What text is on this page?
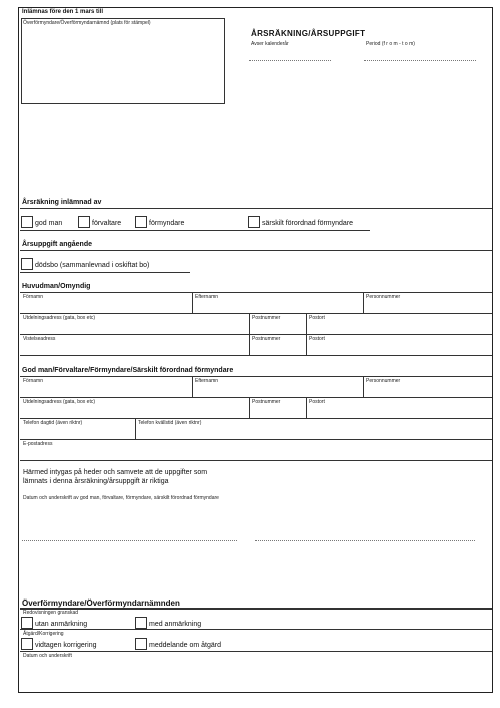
Inlämnas före den 1 mars till
Överförmyndare/Överförmyndarnämnd (plats för stämpel)
ÅRSRÄKNING/ÅRSUPPGIFT
Avser kalenderår	Period (f r o m - t o m)
Årsräkning inlämnad av
god man	förvaltare	förmyndare	särskilt förordnad förmyndare
Årsuppgift angående
dödsbo (sammanlevnad i oskiftat bo)
Huvudman/Omyndig
Förnamn	Efternamn	Personnummer
Utdelningsadress (gata, box etc)	Postnummer	Postort
Vistelseadress	Postnummer	Postort
God man/Förvaltare/Förmyndare/Särskilt förordnad förmyndare
Förnamn	Efternamn	Personnummer
Utdelningsadress (gata, box etc)	Postnummer	Postort
Telefon dagtid (även riktnr)	Telefon kvällstid (även riktnr)
E-postadress
Härmed intygas på heder och samvete att de uppgifter som
lämnats i denna årsräkning/årsuppgift är riktiga
Datum och underskrift av god man, förvaltare, förmyndare, särskilt förordnad förmyndare
Överförmyndare/Överförmyndarnämnden
Redovisningen granskad
utan anmärkning	med anmärkning
Åtgärd/Korrigering
vidtagen korrigering	meddelande om åtgärd
Datum och underskrift
